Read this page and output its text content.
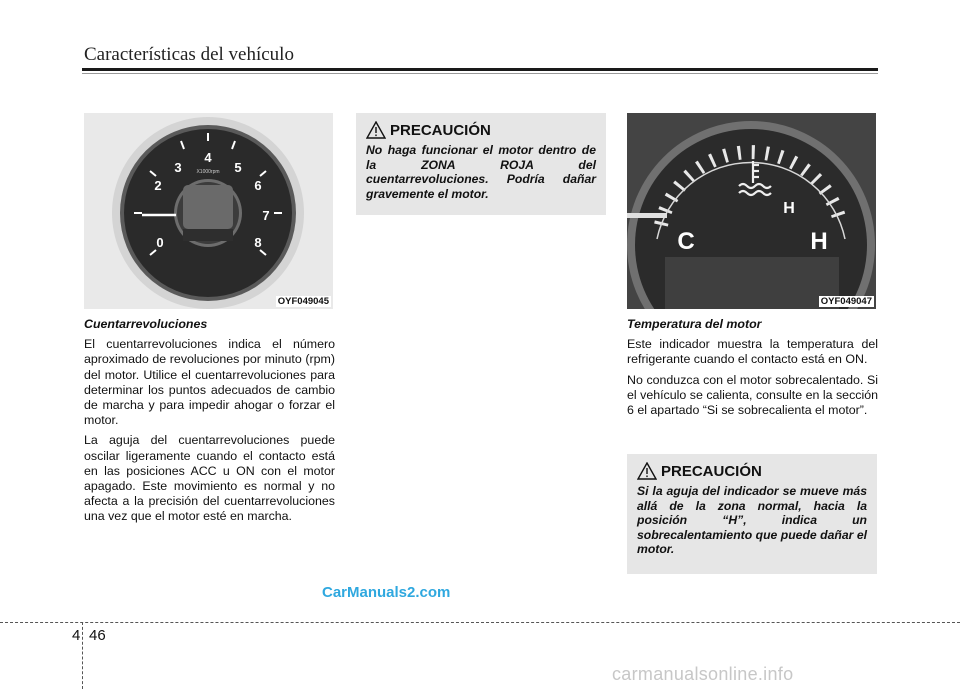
Características del vehículo
0
2
3
4
5
6
7
8
X1000rpm
OYF049045
Cuentarrevoluciones

El cuentarrevoluciones indica el número aproximado de revoluciones por minuto (rpm) del motor. Utilice el cuentarrevoluciones para determinar los puntos adecuados de cambio de marcha y para impedir ahogar o forzar el motor.

La aguja del cuentarrevoluciones puede oscilar ligeramente cuando el contacto está en las posiciones ACC u ON con el motor apagado. Este movimiento es normal y no afecta a la precisión del cuentarrevoluciones una vez que el motor esté en marcha.

PRECAUCIÓN
No haga funcionar el motor dentro de la ZONA ROJA del cuentarrevoluciones. Podría dañar gravemente el motor.
H
C	H
OYF049047
Temperatura del motor

Este indicador muestra la temperatura del refrigerante cuando el contacto está en ON.

No conduzca con el motor sobrecalentado. Si el vehículo se calienta, consulte en la sección 6 el apartado “Si se sobrecalienta el motor”.

PRECAUCIÓN
Si la aguja del indicador se mueve más allá de la zona normal, hacia la posición “H”, indica un sobrecalentamiento que puede dañar el motor.
CarManuals2.com
4 46
carmanualsonline.info
